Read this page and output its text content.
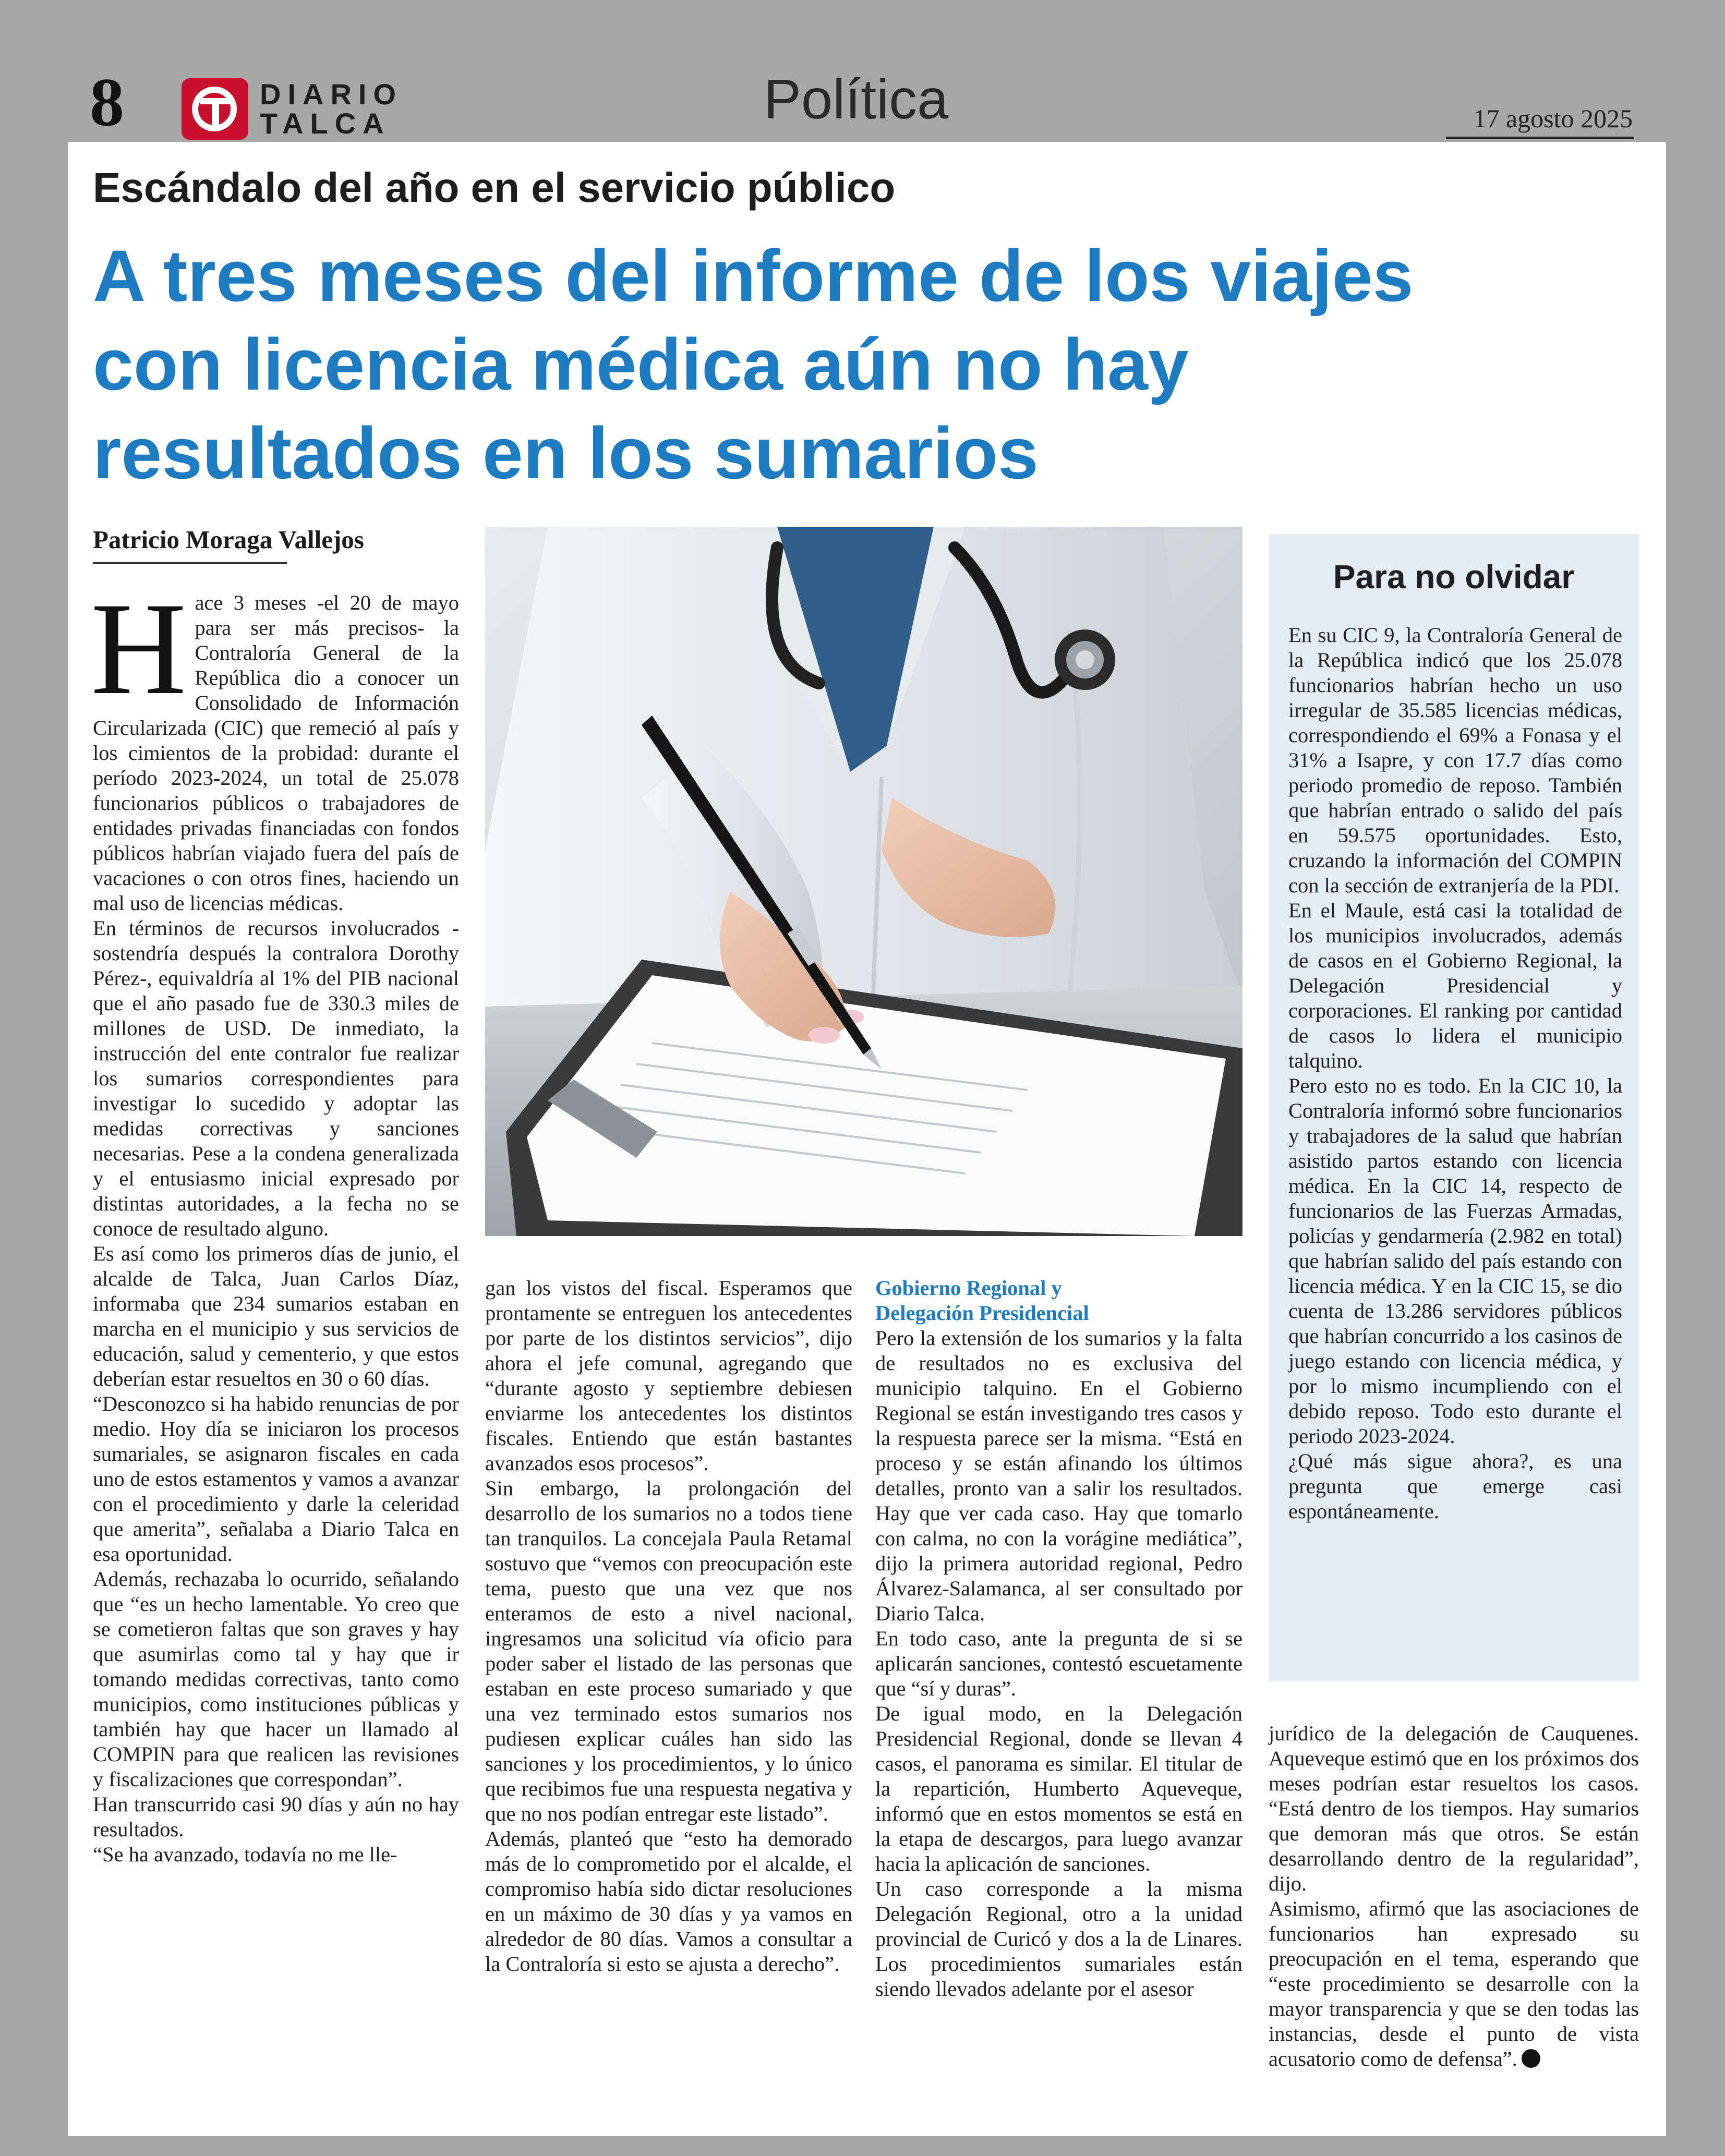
8	DIARIO
TALCA	Política	17 agosto 2025
Escándalo del año en el servicio público
A tres meses del informe de los viajes
con licencia médica aún no hay
resultados en los sumarios
Patricio Moraga Vallejos

Hace 3 meses -el 20 de mayo para ser más precisos- la Contraloría General de la República dio a conocer un Consolidado de Información Circularizada (CIC) que remeció al país y los cimientos de la probidad: durante el período 2023-2024, un total de 25.078 funcionarios públicos o trabajadores de entidades privadas financiadas con fondos públicos habrían viajado fuera del país de vacaciones o con otros fines, haciendo un mal uso de licencias médicas.

En términos de recursos involucrados -sostendría después la contralora Dorothy Pérez-, equivaldría al 1% del PIB nacional que el año pasado fue de 330.3 miles de millones de USD. De inmediato, la instrucción del ente contralor fue realizar los sumarios correspondientes para investigar lo sucedido y adoptar las medidas correctivas y sanciones necesarias. Pese a la condena generalizada y el entusiasmo inicial expresado por distintas autoridades, a la fecha no se conoce de resultado alguno.

Es así como los primeros días de junio, el alcalde de Talca, Juan Carlos Díaz, informaba que 234 sumarios estaban en marcha en el municipio y sus servicios de educación, salud y cementerio, y que estos deberían estar resueltos en 30 o 60 días.

“Desconozco si ha habido renuncias de por medio. Hoy día se iniciaron los procesos sumariales, se asignaron fiscales en cada uno de estos estamentos y vamos a avanzar con el procedimiento y darle la celeridad que amerita”, señalaba a Diario Talca en esa oportunidad.

Además, rechazaba lo ocurrido, señalando que “es un hecho lamentable. Yo creo que se cometieron faltas que son graves y hay que asumirlas como tal y hay que ir tomando medidas correctivas, tanto como municipios, como instituciones públicas y también hay que hacer un llamado al COMPIN para que realicen las revisiones y fiscalizaciones que correspondan”.

Han transcurrido casi 90 días y aún no hay resultados.

“Se ha avanzado, todavía no me lle-

gan los vistos del fiscal. Esperamos que prontamente se entreguen los antecedentes por parte de los distintos servicios”, dijo ahora el jefe comunal, agregando que “durante agosto y septiembre debiesen enviarme los antecedentes los distintos fiscales. Entiendo que están bastantes avanzados esos procesos”.

Sin embargo, la prolongación del desarrollo de los sumarios no a todos tiene tan tranquilos. La concejala Paula Retamal sostuvo que “vemos con preocupación este tema, puesto que una vez que nos enteramos de esto a nivel nacional, ingresamos una solicitud vía oficio para poder saber el listado de las personas que estaban en este proceso sumariado y que una vez terminado estos sumarios nos pudiesen explicar cuáles han sido las sanciones y los procedimientos, y lo único que recibimos fue una respuesta negativa y que no nos podían entregar este listado”.

Además, planteó que “esto ha demorado más de lo comprometido por el alcalde, el compromiso había sido dictar resoluciones en un máximo de 30 días y ya vamos en alrededor de 80 días. Vamos a consultar a la Contraloría si esto se ajusta a derecho”.

Gobierno Regional y
Delegación Presidencial

Pero la extensión de los sumarios y la falta de resultados no es exclusiva del municipio talquino. En el Gobierno Regional se están investigando tres casos y la respuesta parece ser la misma. “Está en proceso y se están afinando los últimos detalles, pronto van a salir los resultados. Hay que ver cada caso. Hay que tomarlo con calma, no con la vorágine mediática”, dijo la primera autoridad regional, Pedro Álvarez-Salamanca, al ser consultado por Diario Talca.

En todo caso, ante la pregunta de si se aplicarán sanciones, contestó escuetamente que “sí y duras”.

De igual modo, en la Delegación Presidencial Regional, donde se llevan 4 casos, el panorama es similar. El titular de la repartición, Humberto Aqueveque, informó que en estos momentos se está en la etapa de descargos, para luego avanzar hacia la aplicación de sanciones.

Un caso corresponde a la misma Delegación Regional, otro a la unidad provincial de Curicó y dos a la de Linares. Los procedimientos sumariales están siendo llevados adelante por el asesor

Para no olvidar

En su CIC 9, la Contraloría General de la República indicó que los 25.078 funcionarios habrían hecho un uso irregular de 35.585 licencias médicas, correspondiendo el 69% a Fonasa y el 31% a Isapre, y con 17.7 días como periodo promedio de reposo. También que habrían entrado o salido del país en 59.575 oportunidades. Esto, cruzando la información del COMPIN con la sección de extranjería de la PDI.

En el Maule, está casi la totalidad de los municipios involucrados, además de casos en el Gobierno Regional, la Delegación Presidencial y corporaciones. El ranking por cantidad de casos lo lidera el municipio talquino.

Pero esto no es todo. En la CIC 10, la Contraloría informó sobre funcionarios y trabajadores de la salud que habrían asistido partos estando con licencia médica. En la CIC 14, respecto de funcionarios de las Fuerzas Armadas, policías y gendarmería (2.982 en total) que habrían salido del país estando con licencia médica. Y en la CIC 15, se dio cuenta de 13.286 servidores públicos que habrían concurrido a los casinos de juego estando con licencia médica, y por lo mismo incumpliendo con el debido reposo. Todo esto durante el periodo 2023-2024.

¿Qué más sigue ahora?, es una pregunta que emerge casi espontáneamente.

jurídico de la delegación de Cauquenes. Aqueveque estimó que en los próximos dos meses podrían estar resueltos los casos. “Está dentro de los tiempos. Hay sumarios que demoran más que otros. Se están desarrollando dentro de la regularidad”, dijo.

Asimismo, afirmó que las asociaciones de funcionarios han expresado su preocupación en el tema, esperando que “este procedimiento se desarrolle con la mayor transparencia y que se den todas las instancias, desde el punto de vista acusatorio como de defensa”.
